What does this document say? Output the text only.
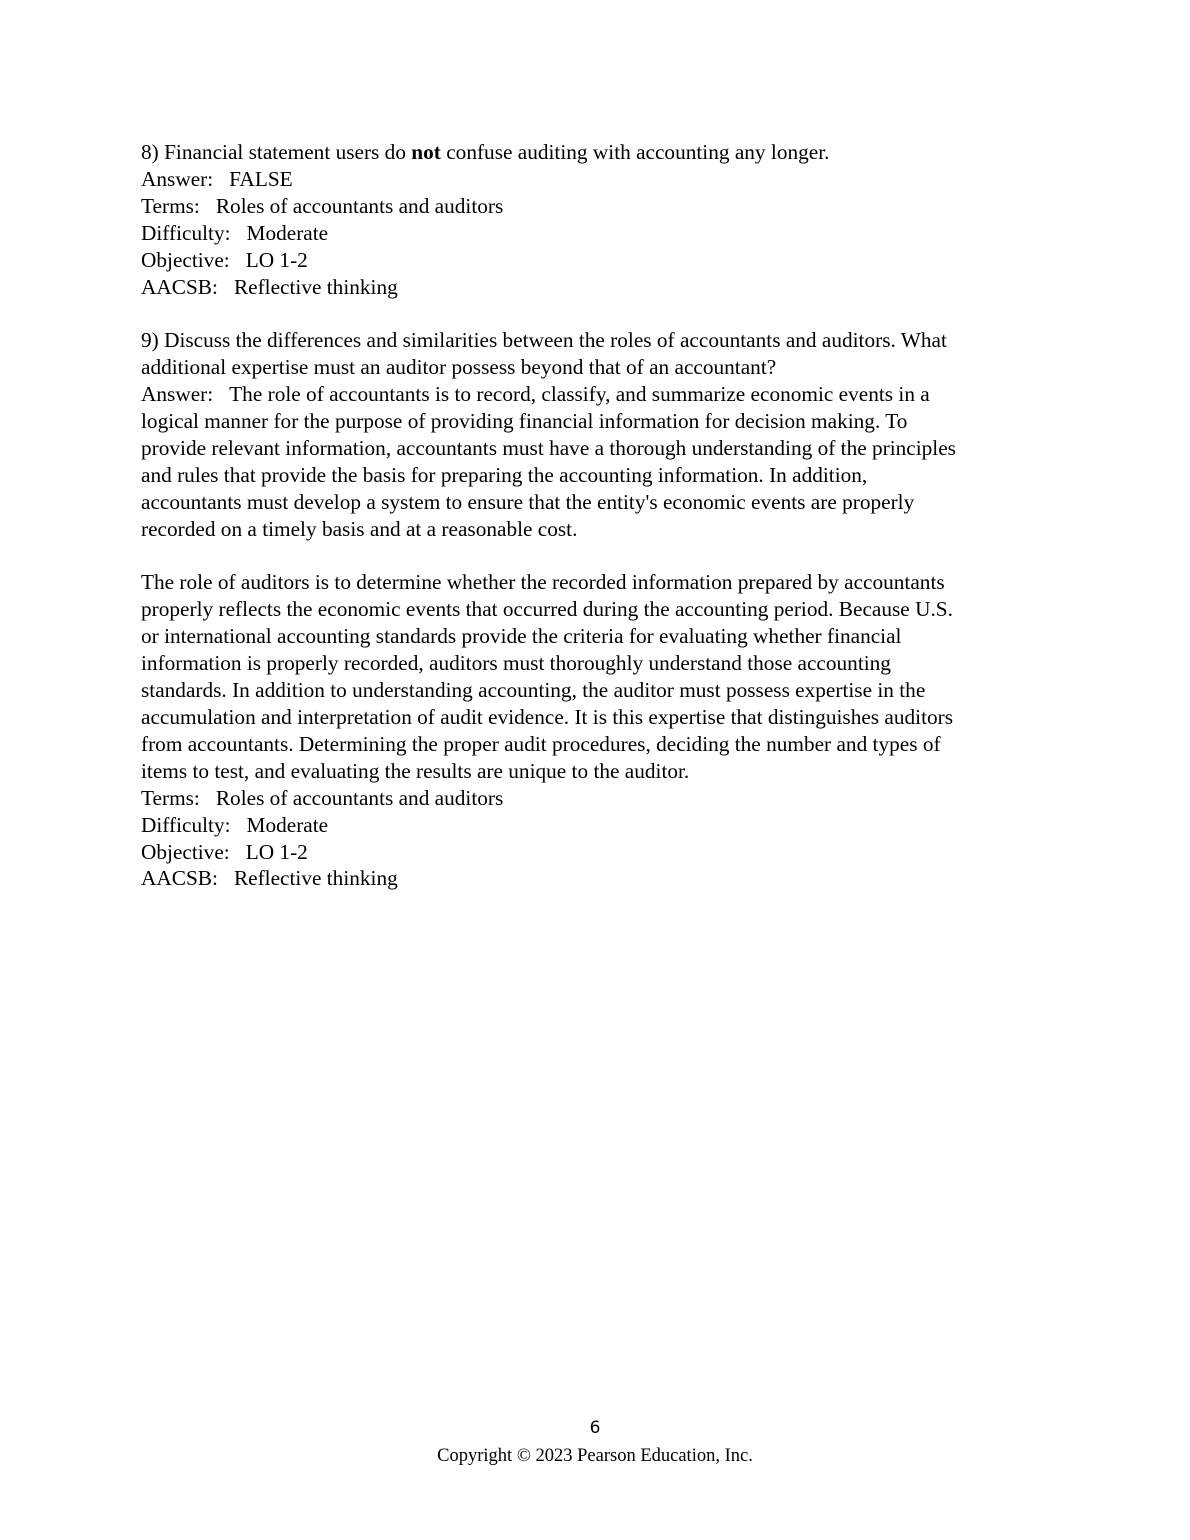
8) Financial statement users do not confuse auditing with accounting any longer.
Answer: FALSE
Terms: Roles of accountants and auditors
Difficulty: Moderate
Objective: LO 1-2
AACSB: Reflective thinking
9) Discuss the differences and similarities between the roles of accountants and auditors. What
additional expertise must an auditor possess beyond that of an accountant?
Answer: The role of accountants is to record, classify, and summarize economic events in a
logical manner for the purpose of providing financial information for decision making. To
provide relevant information, accountants must have a thorough understanding of the principles
and rules that provide the basis for preparing the accounting information. In addition,
accountants must develop a system to ensure that the entity's economic events are properly
recorded on a timely basis and at a reasonable cost.
The role of auditors is to determine whether the recorded information prepared by accountants
properly reflects the economic events that occurred during the accounting period. Because U.S.
or international accounting standards provide the criteria for evaluating whether financial
information is properly recorded, auditors must thoroughly understand those accounting
standards. In addition to understanding accounting, the auditor must possess expertise in the
accumulation and interpretation of audit evidence. It is this expertise that distinguishes auditors
from accountants. Determining the proper audit procedures, deciding the number and types of
items to test, and evaluating the results are unique to the auditor.
Terms: Roles of accountants and auditors
Difficulty: Moderate
Objective: LO 1-2
AACSB: Reflective thinking
6
Copyright © 2023 Pearson Education, Inc.
